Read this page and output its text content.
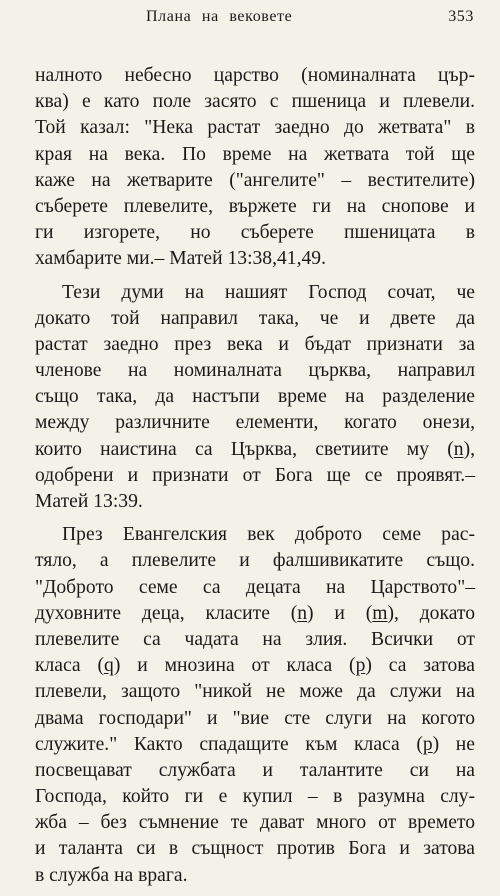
Плана на вековете	353
налното небесно царство (номиналната цър-
ква) е като поле засято с пшеница и плевели.
Той казал: "Нека растат заедно до жетвата" в
края на века. По време на жетвата той ще
каже на жетварите ("ангелите" – вестителите)
съберете плевелите, вържете ги на снопове и
ги изгорете, но съберете пшеницата в
хамбарите ми.– Матей 13:38,41,49.
Тези думи на нашият Господ сочат, че
докато той направил така, че и двете да
растат заедно през века и бъдат признати за
членове на номиналната църква, направил
също така, да настъпи време на разделение
между различните елементи, когато онези,
които наистина са Църква, светиите му (n),
одобрени и признати от Бога ще се проявят.–
Матей 13:39.
През Евангелския век доброто семе рас-
тяло, а плевелите и фалшивикатите също.
"Доброто семе са децата на Царството"–
духовните деца, класите (n) и (m), докато
плевелите са чадата на злия. Всички от
класа (q) и мнозина от класа (p) са затова
плевели, защото "никой не може да служи на
двама господари" и "вие сте слуги на когото
служите." Както спадащите към класа (p) не
посвещават службата и талантите си на
Господа, който ги е купил – в разумна слу-
жба – без съмнение те дават много от времето
и таланта си в същност против Бога и затова
в служба на врага.
